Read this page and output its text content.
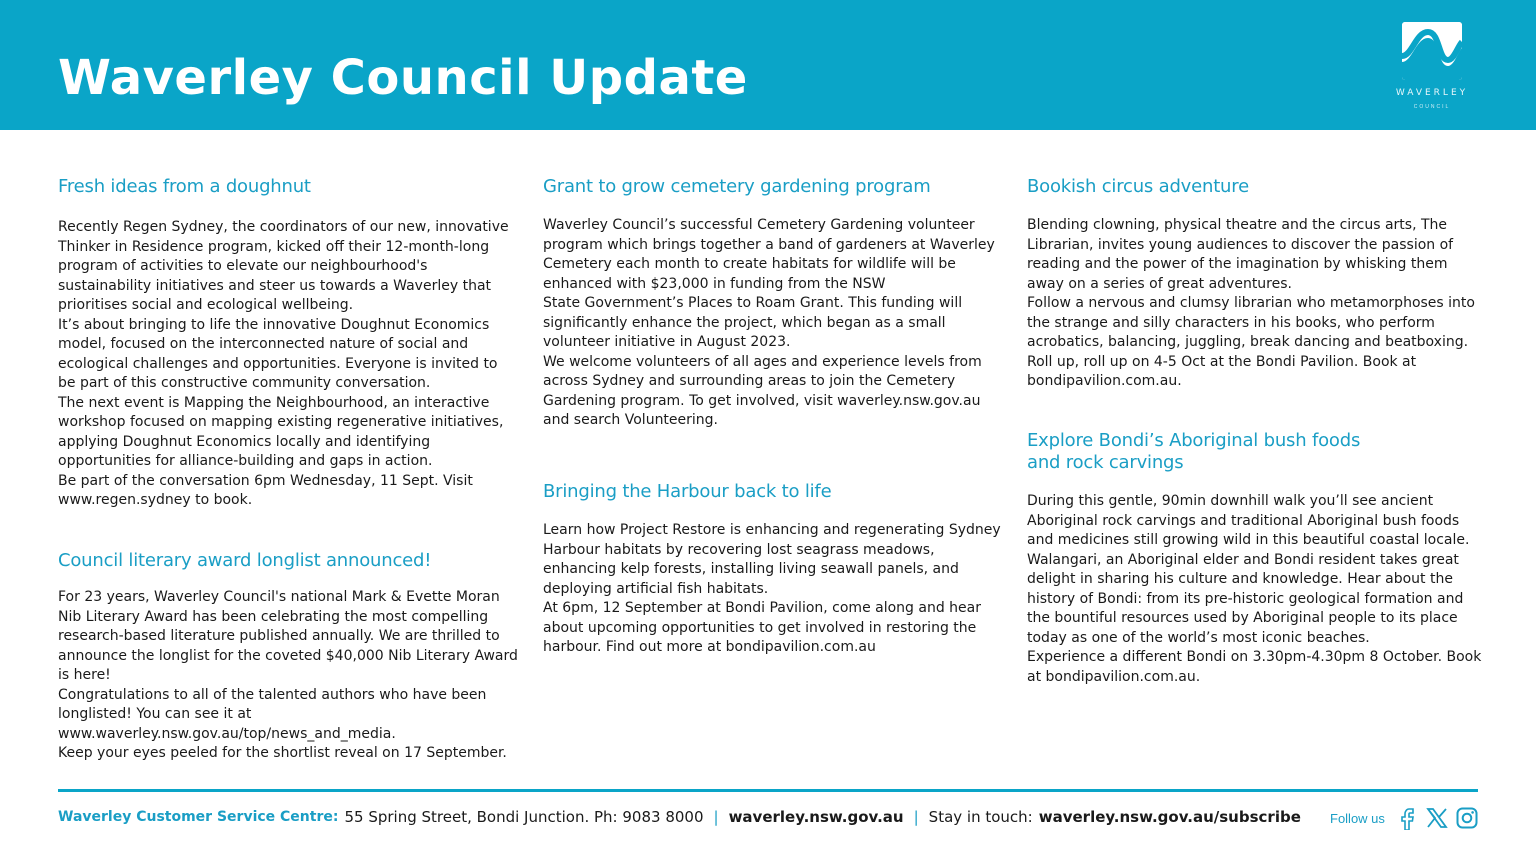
Waverley Council Update	WAVERLEY
COUNCIL
Fresh ideas from a doughnut

Recently Regen Sydney, the coordinators of our new, innovative Thinker in Residence program, kicked off their 12-month-long program of activities to elevate our neighbourhood's sustainability initiatives and steer us towards a Waverley that prioritises social and ecological wellbeing.

It’s about bringing to life the innovative Doughnut Economics model, focused on the interconnected nature of social and ecological challenges and opportunities. Everyone is invited to be part of this constructive community conversation.

The next event is Mapping the Neighbourhood, an interactive workshop focused on mapping existing regenerative initiatives, applying Doughnut Economics locally and identifying opportunities for alliance-building and gaps in action.

Be part of the conversation 6pm Wednesday, 11 Sept. Visit www.regen.sydney to book.

Council literary award longlist announced!

For 23 years, Waverley Council's national Mark & Evette Moran Nib Literary Award has been celebrating the most compelling research-based literature published annually. We are thrilled to announce the longlist for the coveted $40,000 Nib Literary Award is here!

Congratulations to all of the talented authors who have been longlisted! You can see it at www.waverley.nsw.gov.au/top/news_and_media.

Keep your eyes peeled for the shortlist reveal on 17 September.

Grant to grow cemetery gardening program

Waverley Council’s successful Cemetery Gardening volunteer program which brings together a band of gardeners at Waverley Cemetery each month to create habitats for wildlife will be enhanced with $23,000 in funding from the NSW

State Government’s Places to Roam Grant. This funding will significantly enhance the project, which began as a small volunteer initiative in August 2023.

We welcome volunteers of all ages and experience levels from across Sydney and surrounding areas to join the Cemetery Gardening program. To get involved, visit waverley.nsw.gov.au and search Volunteering.

Bringing the Harbour back to life

Learn how Project Restore is enhancing and regenerating Sydney Harbour habitats by recovering lost seagrass meadows, enhancing kelp forests, installing living seawall panels, and deploying artificial fish habitats.

At 6pm, 12 September at Bondi Pavilion, come along and hear about upcoming opportunities to get involved in restoring the harbour. Find out more at bondipavilion.com.au

Bookish circus adventure

Blending clowning, physical theatre and the circus arts, The Librarian, invites young audiences to discover the passion of reading and the power of the imagination by whisking them away on a series of great adventures.

Follow a nervous and clumsy librarian who metamorphoses into the strange and silly characters in his books, who perform acrobatics, balancing, juggling, break dancing and beatboxing.

Roll up, roll up on 4-5 Oct at the Bondi Pavilion. Book at bondipavilion.com.au.

Explore Bondi’s Aboriginal bush foods and rock carvings

During this gentle, 90min downhill walk you’ll see ancient Aboriginal rock carvings and traditional Aboriginal bush foods and medicines still growing wild in this beautiful coastal locale. Walangari, an Aboriginal elder and Bondi resident takes great delight in sharing his culture and knowledge. Hear about the history of Bondi: from its pre-historic geological formation and the bountiful resources used by Aboriginal people to its place today as one of the world’s most iconic beaches.

Experience a different Bondi on 3.30pm-4.30pm 8 October. Book at bondipavilion.com.au.

Waverley Customer Service Centre: 55 Spring Street, Bondi Junction. Ph: 9083 8000 | waverley.nsw.gov.au | Stay in touch: waverley.nsw.gov.au/subscribe Follow us
